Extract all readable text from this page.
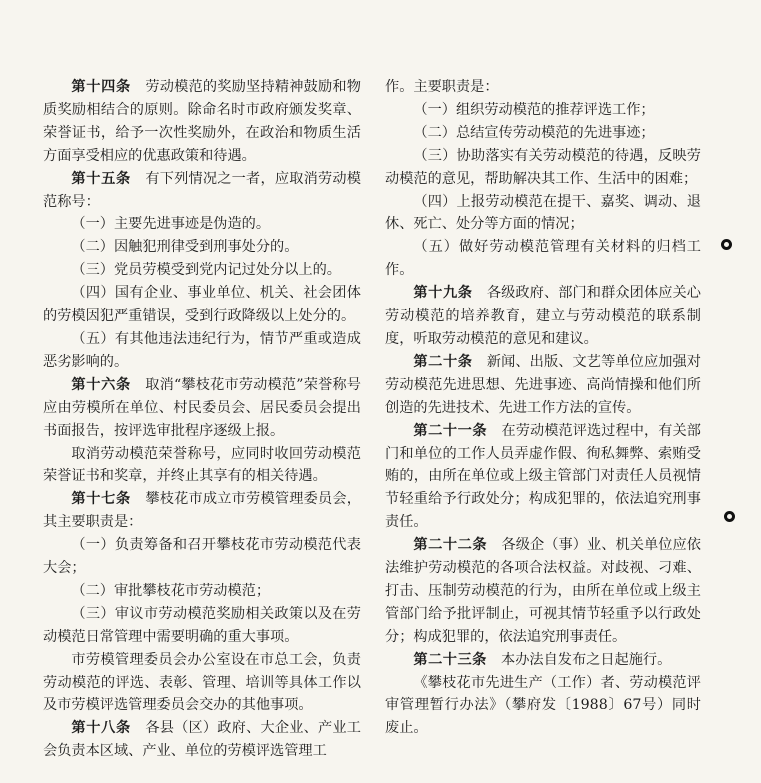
第十四条　 劳动模范的奖励坚持精神鼓励和物质奖励相结合的原则。除命名时市政府颁发奖章、荣誉证书，给予一次性奖励外，在政治和物质生活方面享受相应的优惠政策和待遇。

第十五条　 有下列情况之一者，应取消劳动模范称号：

（一）主要先进事迹是伪造的。

（二）因触犯刑律受到刑事处分的。

（三）党员劳模受到党内记过处分以上的。

（四）国有企业、事业单位、机关、社会团体的劳模因犯严重错误，受到行政降级以上处分的。

（五）有其他违法违纪行为，情节严重或造成恶劣影响的。

第十六条　 取消“攀枝花市劳动模范”荣誉称号应由劳模所在单位、村民委员会、居民委员会提出书面报告，按评选审批程序逐级上报。

取消劳动模范荣誉称号，应同时收回劳动模范荣誉证书和奖章，并终止其享有的相关待遇。

第十七条　 攀枝花市成立市劳模管理委员会，其主要职责是：

（一）负责筹备和召开攀枝花市劳动模范代表大会；

（二）审批攀枝花市劳动模范；

（三）审议市劳动模范奖励相关政策以及在劳动模范日常管理中需要明确的重大事项。

市劳模管理委员会办公室设在市总工会，负责劳动模范的评选、表彰、管理、培训等具体工作以及市劳模评选管理委员会交办的其他事项。

第十八条　 各县（区）政府、大企业、产业工会负责本区域、产业、单位的劳模评选管理工

作。主要职责是：

（一）组织劳动模范的推荐评选工作；

（二）总结宣传劳动模范的先进事迹；

（三）协助落实有关劳动模范的待遇，反映劳动模范的意见，帮助解决其工作、生活中的困难；

（四）上报劳动模范在提干、嘉奖、调动、退休、死亡、处分等方面的情况；

（五）做好劳动模范管理有关材料的归档工作。

第十九条　 各级政府、部门和群众团体应关心劳动模范的培养教育，建立与劳动模范的联系制度，听取劳动模范的意见和建议。

第二十条　 新闻、出版、文艺等单位应加强对劳动模范先进思想、先进事迹、高尚情操和他们所创造的先进技术、先进工作方法的宣传。

第二十一条　 在劳动模范评选过程中，有关部门和单位的工作人员弄虚作假、徇私舞弊、索贿受贿的，由所在单位或上级主管部门对责任人员视情节轻重给予行政处分；构成犯罪的，依法追究刑事责任。

第二十二条　 各级企（事）业、机关单位应依法维护劳动模范的各项合法权益。对歧视、刁难、打击、压制劳动模范的行为，由所在单位或上级主管部门给予批评制止，可视其情节轻重予以行政处分；构成犯罪的，依法追究刑事责任。

第二十三条　 本办法自发布之日起施行。

《攀枝花市先进生产（工作）者、劳动模范评审管理暂行办法》（攀府发〔1988〕67号）同时废止。
